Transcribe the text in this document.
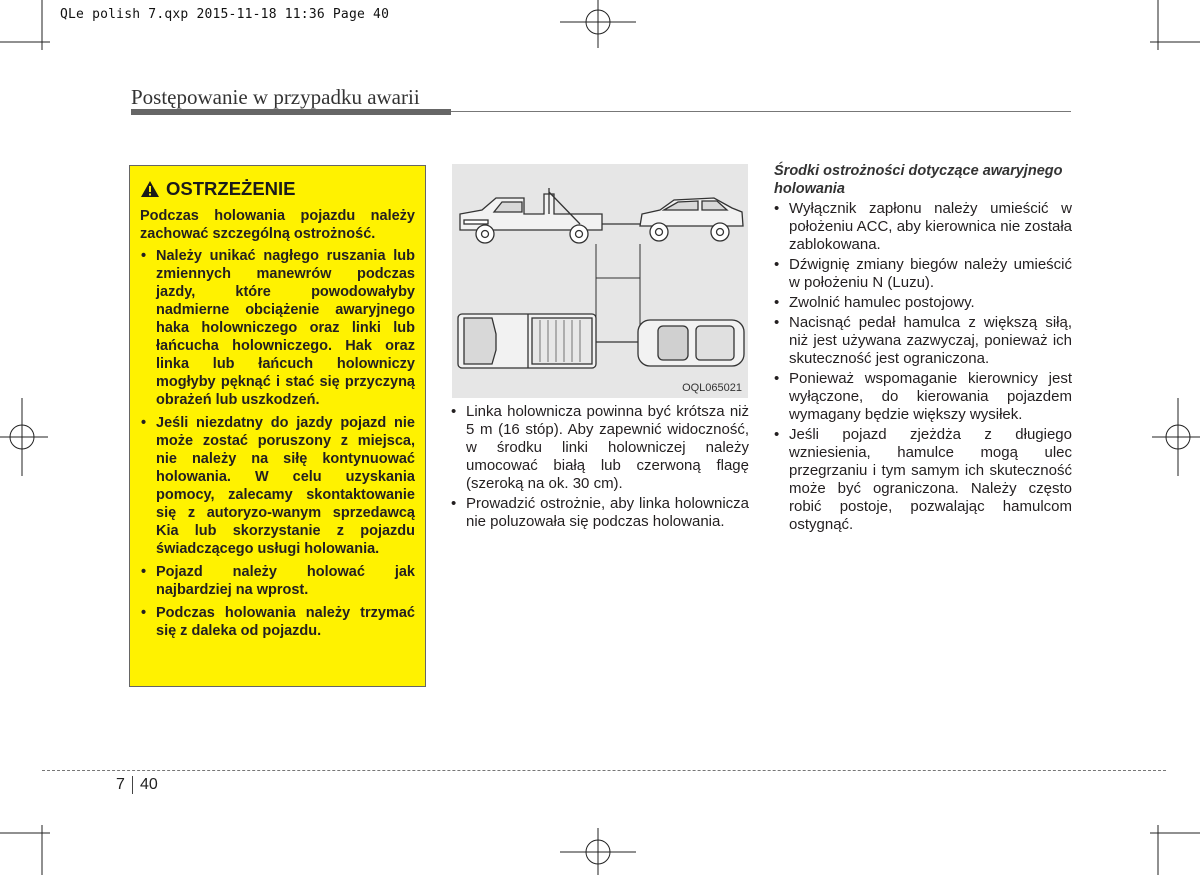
QLe polish 7.qxp 2015-11-18 11:36 Page 40
Postępowanie w przypadku awarii
OSTRZEŻENIE

Podczas holowania pojazdu należy zachować szczególną ostrożność.

• Należy unikać nagłego ruszania lub zmiennych manewrów podczas jazdy, które powodowałyby nadmierne obciążenie awaryjnego haka holowniczego oraz linki lub łańcucha holowniczego. Hak oraz linka lub łańcuch holowniczy mogłyby pęknąć i stać się przyczyną obrażeń lub uszkodzeń.
• Jeśli niezdatny do jazdy pojazd nie może zostać poruszony z miejsca, nie należy na siłę kontynuować holowania. W celu uzyskania pomocy, zalecamy skontaktowanie się z autoryzo-wanym sprzedawcą Kia lub skorzystanie z pojazdu świadczącego usługi holowania.
• Pojazd należy holować jak najbardziej na wprost.
• Podczas holowania należy trzymać się z daleka od pojazdu.
OQL065021
• Linka holownicza powinna być krótsza niż 5 m (16 stóp). Aby zapewnić widoczność, w środku linki holowniczej należy umocować białą lub czerwoną flagę (szeroką na ok. 30 cm).
• Prowadzić ostrożnie, aby linka holownicza nie poluzowała się podczas holowania.

Środki ostrożności dotyczące awaryjnego holowania

• Wyłącznik zapłonu należy umieścić w położeniu ACC, aby kierownica nie została zablokowana.
• Dźwignię zmiany biegów należy umieścić w położeniu N (Luzu).
• Zwolnić hamulec postojowy.
• Nacisnąć pedał hamulca z większą siłą, niż jest używana zazwyczaj, ponieważ ich skuteczność jest ograniczona.
• Ponieważ wspomaganie kierownicy jest wyłączone, do kierowania pojazdem wymagany będzie większy wysiłek.
• Jeśli pojazd zjeżdża z długiego wzniesienia, hamulce mogą ulec przegrzaniu i tym samym ich skuteczność może być ograniczona. Należy często robić postoje, pozwalając hamulcom ostygnąć.
7 40
